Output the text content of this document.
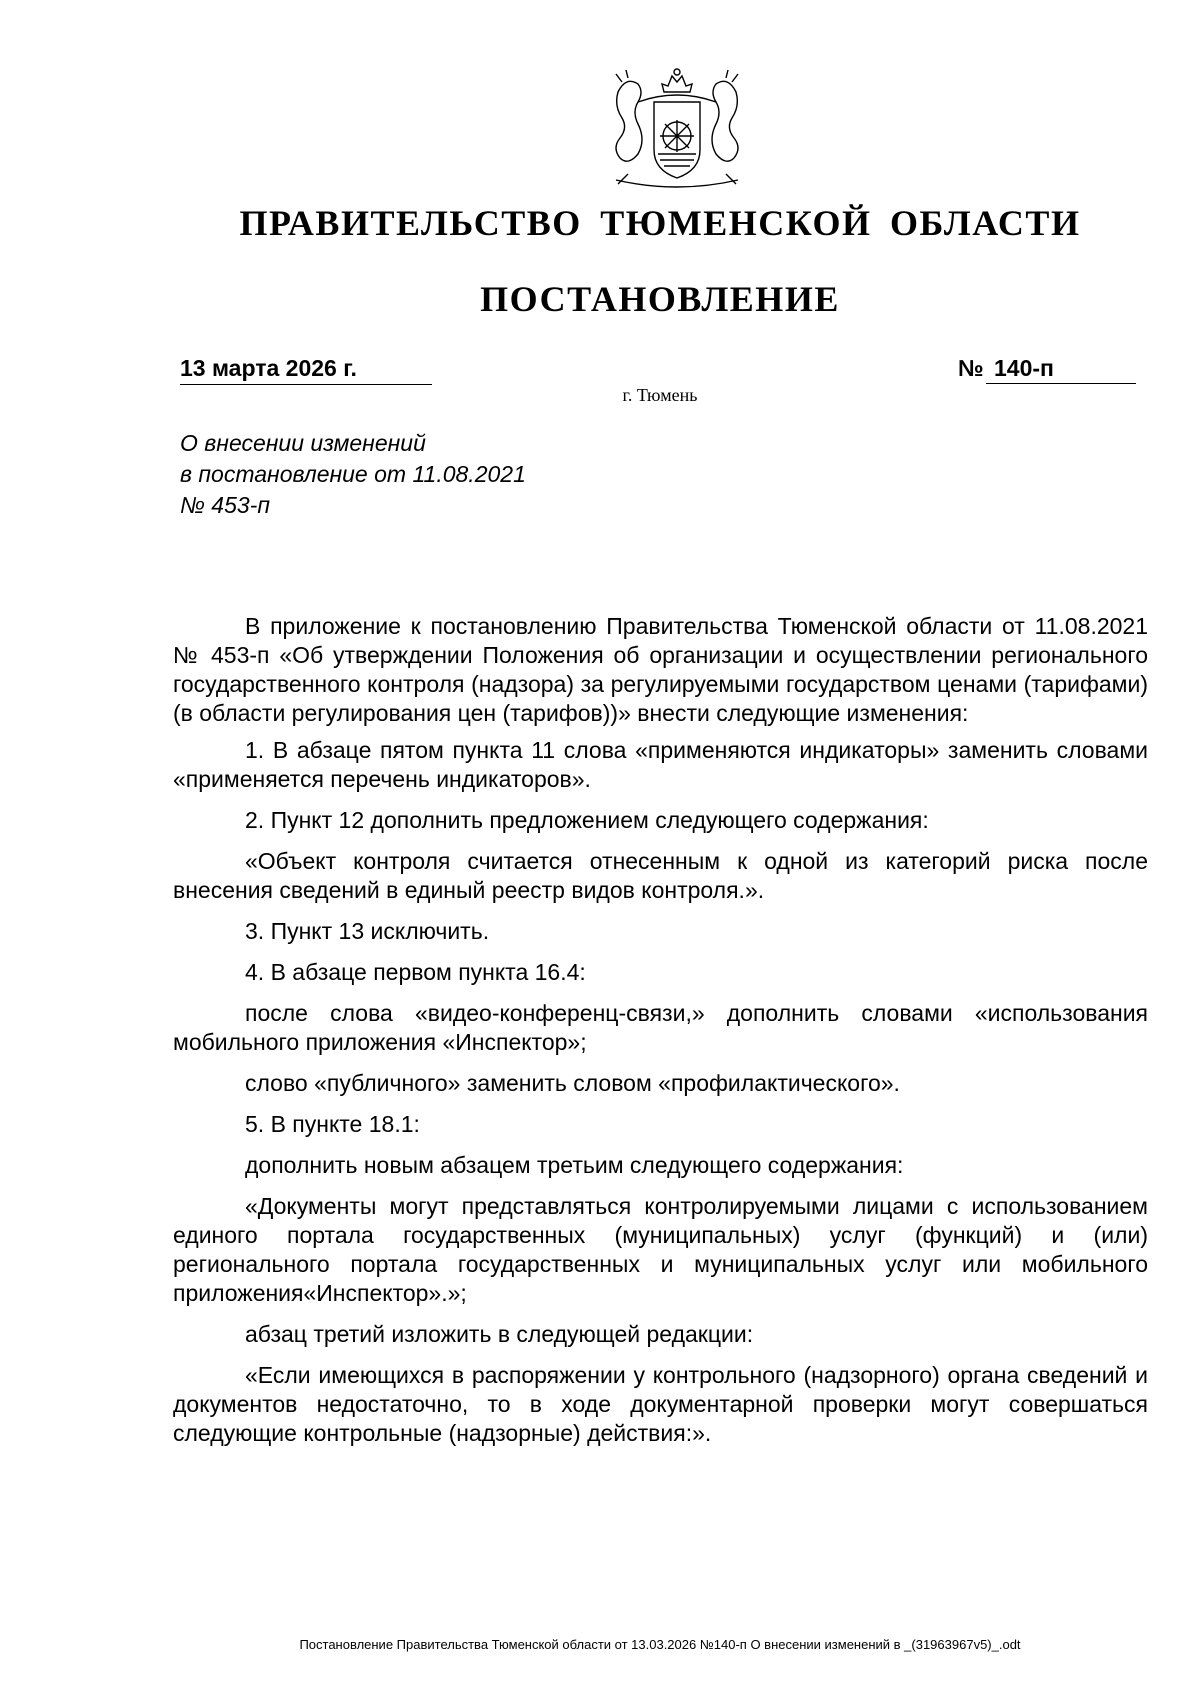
ПРАВИТЕЛЬСТВО ТЮМЕНСКОЙ ОБЛАСТИ
ПОСТАНОВЛЕНИЕ
13 марта 2026 г.	№ 140-п
г. Тюмень
О внесении изменений
в постановление от 11.08.2021
№ 453-п

В приложение к постановлению Правительства Тюменской области от 11.08.2021 № 453-п «Об утверждении Положения об организации и осуществлении регионального государственного контроля (надзора) за регулируемыми государством ценами (тарифами) (в области регулирования цен (тарифов))» внести следующие изменения:

1. В абзаце пятом пункта 11 слова «применяются индикаторы» заменить словами «применяется перечень индикаторов».

2. Пункт 12 дополнить предложением следующего содержания:

«Объект контроля считается отнесенным к одной из категорий риска после внесения сведений в единый реестр видов контроля.».

3. Пункт 13 исключить.

4. В абзаце первом пункта 16.4:

после слова «видео-конференц-связи,» дополнить словами «использования мобильного приложения «Инспектор»;

слово «публичного» заменить словом «профилактического».

5. В пункте 18.1:

дополнить новым абзацем третьим следующего содержания:

«Документы могут представляться контролируемыми лицами с использованием единого портала государственных (муниципальных) услуг (функций) и (или) регионального портала государственных и муниципальных услуг или мобильного приложения«Инспектор».»;

абзац третий изложить в следующей редакции:

«Если имеющихся в распоряжении у контрольного (надзорного) органа сведений и документов недостаточно, то в ходе документарной проверки могут совершаться следующие контрольные (надзорные) действия:».

Постановление Правительства Тюменской области от 13.03.2026 №140-п О внесении изменений в _(31963967v5)_.odt
